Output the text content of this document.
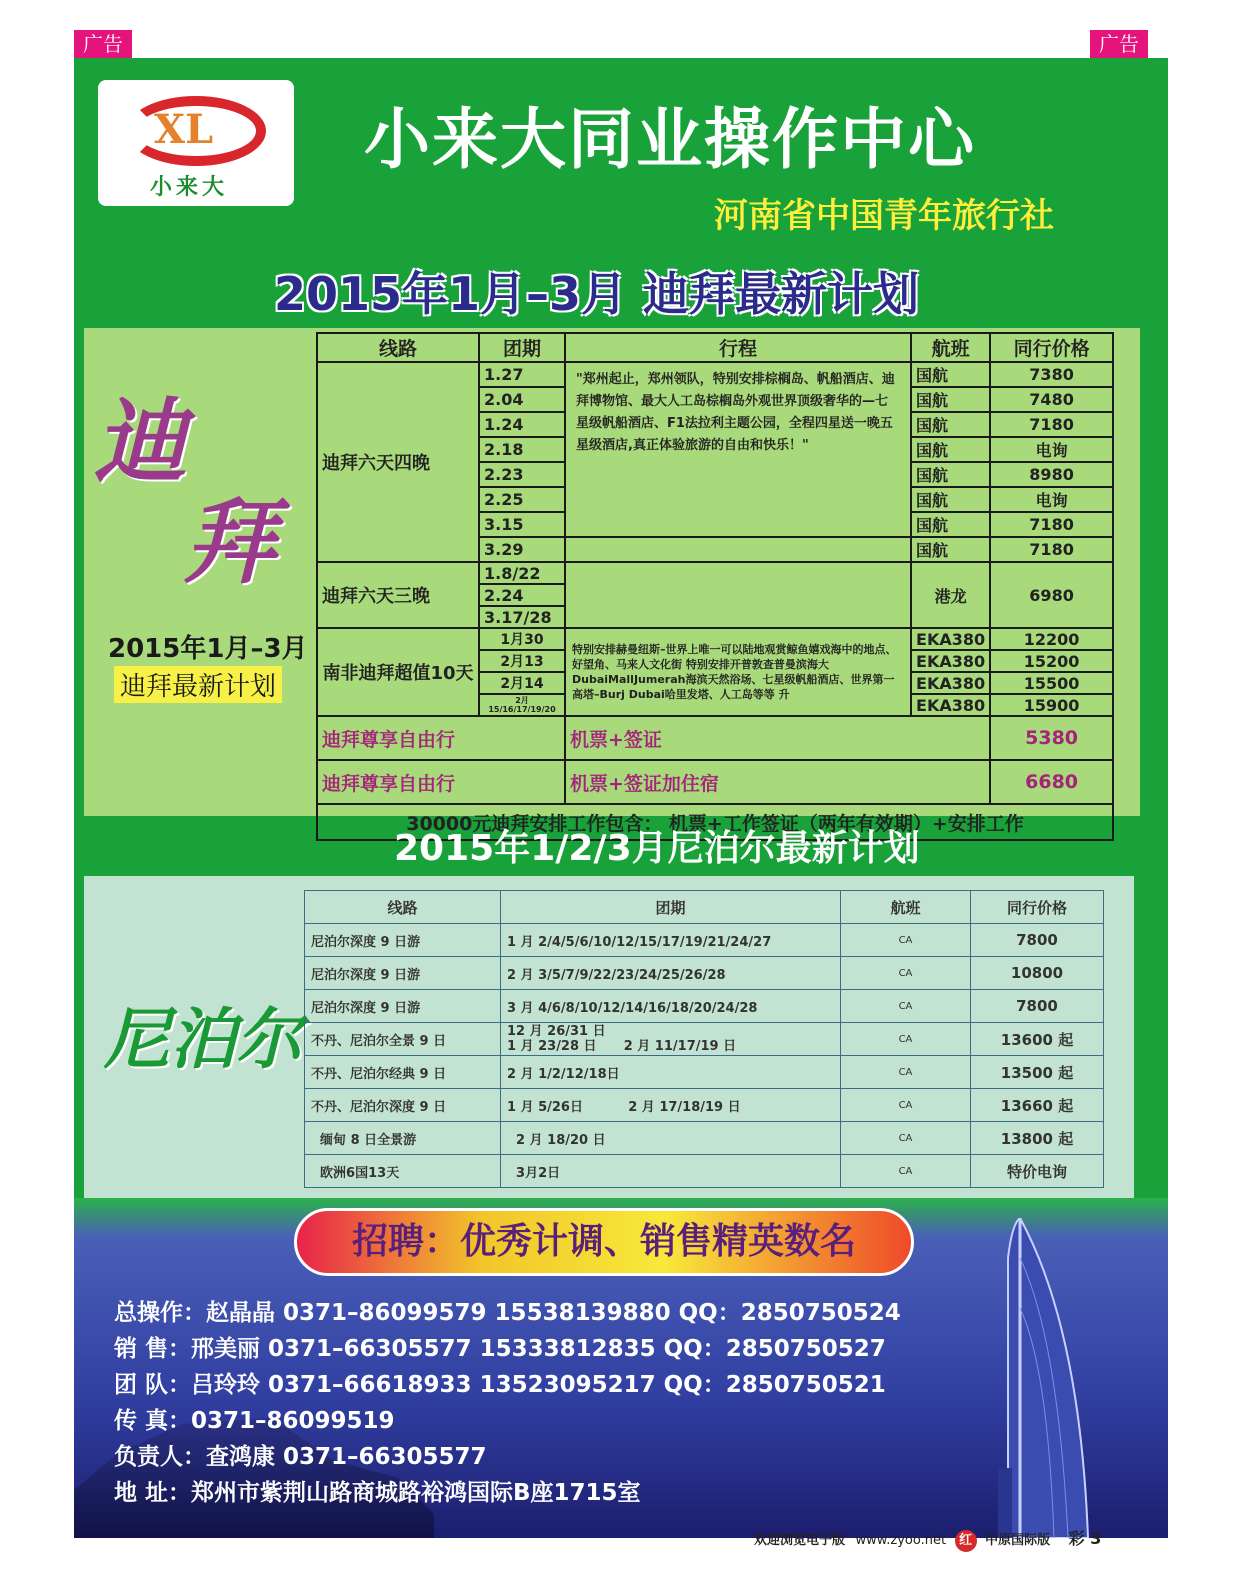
广告	广告
XL
小来大
小来大同业操作中心
河南省中国青年旅行社
2015年1月–3月 迪拜最新计划
迪
拜
2015年1月–3月
迪拜最新计划
线路	团期	行程	航班	同行价格
迪拜六天四晚	1.27	"郑州起止，郑州领队，特别安排棕榈岛、帆船酒店、迪拜博物馆、最大人工岛棕榈岛外观世界顶级奢华的—七星级帆船酒店、F1法拉利主题公园，全程四星送一晚五星级酒店,真正体验旅游的自由和快乐！"	国航	7380
	2.04		国航	7480
	1.24		国航	7180
	2.18		国航	电询
	2.23		国航	8980
	2.25		国航	电询
	3.15		国航	7180
	3.29		国航	7180
迪拜六天三晚	1.8/22		港龙	6980
	2.24			
	3.17/28			
南非迪拜超值10天	1月30	特别安排赫曼纽斯–世界上唯一可以陆地观赏鲸鱼嬉戏海中的地点、好望角、马来人文化街 特别安排开普敦查普曼滨海大DubaiMallJumerah海滨天然浴场、七星级帆船酒店、世界第一高塔–Burj Dubai哈里发塔、人工岛等等 升	EKA380	12200
	2月13		EKA380	15200
	2月14		EKA380	15500
	2月15/16/17/19/20		EKA380	15900
迪拜尊享自由行		机票+签证		5380
迪拜尊享自由行		机票+签证加住宿		6680
30000元迪拜安排工作包含： 机票+工作签证（两年有效期）+安排工作				
2015年1/2/3月尼泊尔最新计划
尼泊尔
线路	团期	航班	同行价格
尼泊尔深度 9 日游	1 月 2/4/5/6/10/12/15/17/19/21/24/27	CA	7800
尼泊尔深度 9 日游	2 月 3/5/7/9/22/23/24/25/26/28	CA	10800
尼泊尔深度 9 日游	3 月 4/6/8/10/12/14/16/18/20/24/28	CA	7800
不丹、尼泊尔全景 9 日	12 月 26/31 日
1 月 23/28 日      2 月 11/17/19 日	CA	13600 起
不丹、尼泊尔经典 9 日	2 月 1/2/12/18日	CA	13500 起
不丹、尼泊尔深度 9 日	1 月 5/26日          2 月 17/18/19 日	CA	13660 起
缅甸 8 日全景游	2 月 18/20 日	CA	13800 起
欧洲6国13天	3月2日	CA	特价电询
招聘：优秀计调、销售精英数名
总操作：赵晶晶 0371–86099579 15538139880 QQ：2850750524
销 售：邢美丽 0371–66305577 15333812835 QQ：2850750527
团 队：吕玲玲 0371–66618933 13523095217 QQ：2850750521
传 真：0371–86099519
负责人：查鸿康 0371–66305577
地 址：郑州市紫荆山路商城路裕鸿国际B座1715室
欢迎浏览电子版 www.zyoo.net 红 中原国际版 彩 3
